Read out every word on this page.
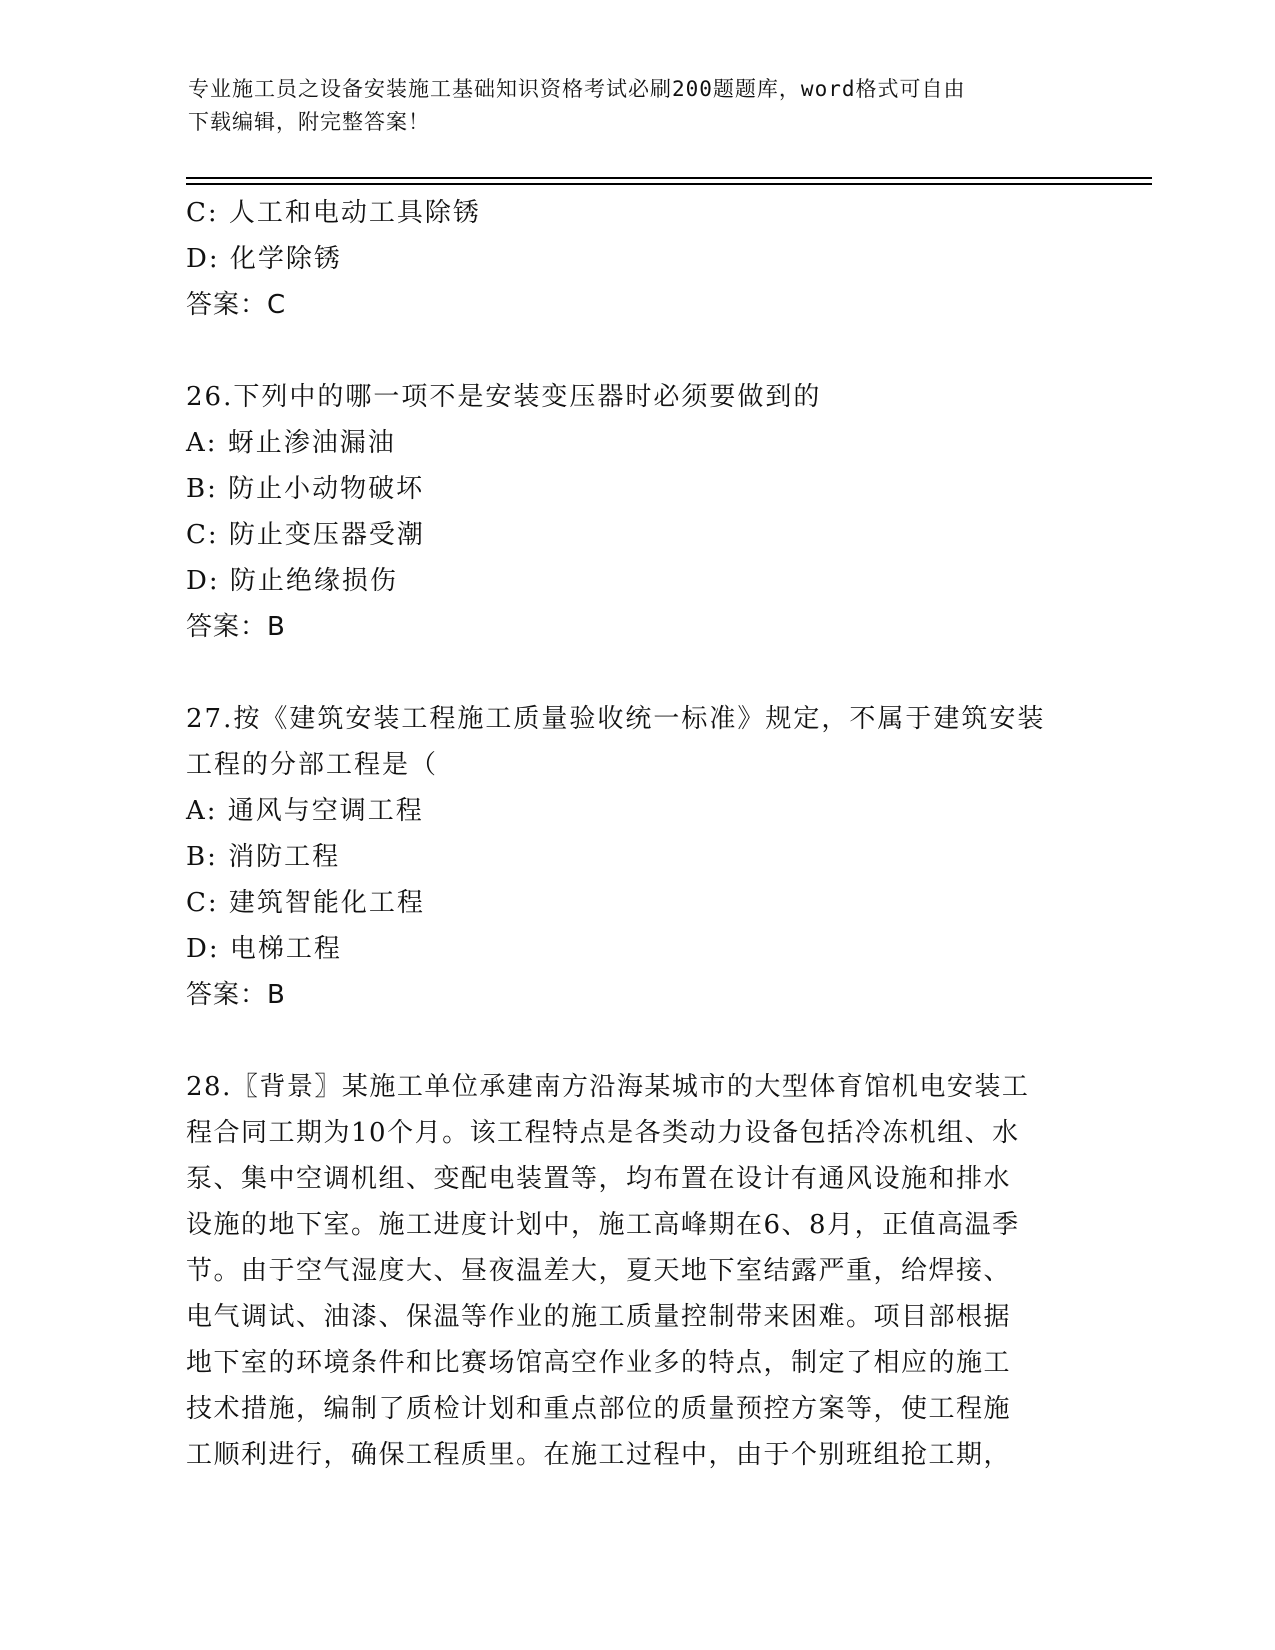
专业施工员之设备安装施工基础知识资格考试必刷200题题库，word格式可自由
下载编辑，附完整答案！
C: 人工和电动工具除锈
D: 化学除锈
答案：C
26.下列中的哪一项不是安装变压器时必须要做到的
A: 蚜止渗油漏油
B: 防止小动物破坏
C: 防止变压器受潮
D: 防止绝缘损伤
答案：B
27.按《建筑安装工程施工质量验收统一标准》规定，不属于建筑安装
工程的分部工程是（
A: 通风与空调工程
B: 消防工程
C: 建筑智能化工程
D: 电梯工程
答案：B
28.〖背景〗某施工单位承建南方沿海某城市的大型体育馆机电安装工
程合同工期为10个月。该工程特点是各类动力设备包括冷冻机组、水
泵、集中空调机组、变配电装置等，均布置在设计有通风设施和排水
设施的地下室。施工进度计划中，施工高峰期在6、8月，正值高温季
节。由于空气湿度大、昼夜温差大，夏天地下室结露严重，给焊接、
电气调试、油漆、保温等作业的施工质量控制带来困难。项目部根据
地下室的环境条件和比赛场馆高空作业多的特点，制定了相应的施工
技术措施，编制了质检计划和重点部位的质量预控方案等，使工程施
工顺利进行，确保工程质里。在施工过程中，由于个别班组抢工期，
